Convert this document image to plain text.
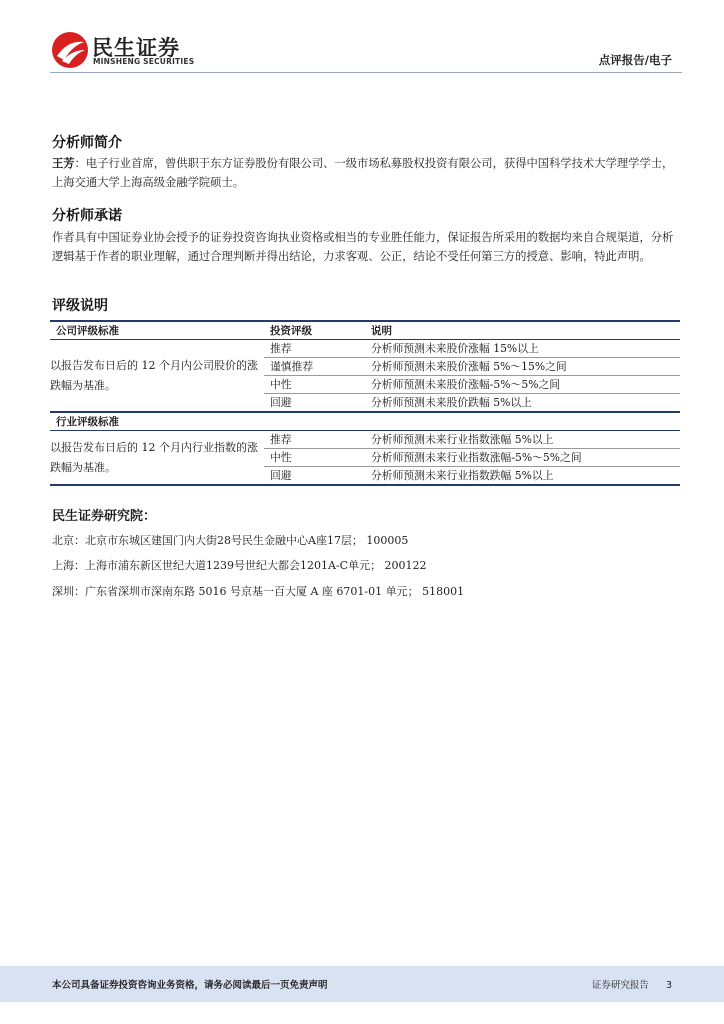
民生证券
MINSHENG SECURITIES	点评报告/电子
分析师简介
王芳：电子行业首席，曾供职于东方证券股份有限公司、一级市场私募股权投资有限公司，获得中国科学技术大学理学学士，上海交通大学上海高级金融学院硕士。
分析师承诺
作者具有中国证券业协会授予的证券投资咨询执业资格或相当的专业胜任能力，保证报告所采用的数据均来自合规渠道，分析逻辑基于作者的职业理解，通过合理判断并得出结论，力求客观、公正，结论不受任何第三方的授意、影响，特此声明。
评级说明
公司评级标准	投资评级	说明
以报告发布日后的 12 个月内公司股价的涨跌幅为基准。	推荐	分析师预测未来股价涨幅 15%以上
	谨慎推荐	分析师预测未来股价涨幅 5%～15%之间
	中性	分析师预测未来股价涨幅-5%～5%之间
	回避	分析师预测未来股价跌幅 5%以上
行业评级标准		
以报告发布日后的 12 个月内行业指数的涨跌幅为基准。	推荐	分析师预测未来行业指数涨幅 5%以上
	中性	分析师预测未来行业指数涨幅-5%～5%之间
	回避	分析师预测未来行业指数跌幅 5%以上
民生证券研究院：
北京：北京市东城区建国门内大街28号民生金融中心A座17层； 100005
上海：上海市浦东新区世纪大道1239号世纪大都会1201A-C单元； 200122
深圳：广东省深圳市深南东路 5016 号京基一百大厦 A 座 6701-01 单元； 518001
本公司具备证券投资咨询业务资格，请务必阅读最后一页免责声明	证券研究报告 3
